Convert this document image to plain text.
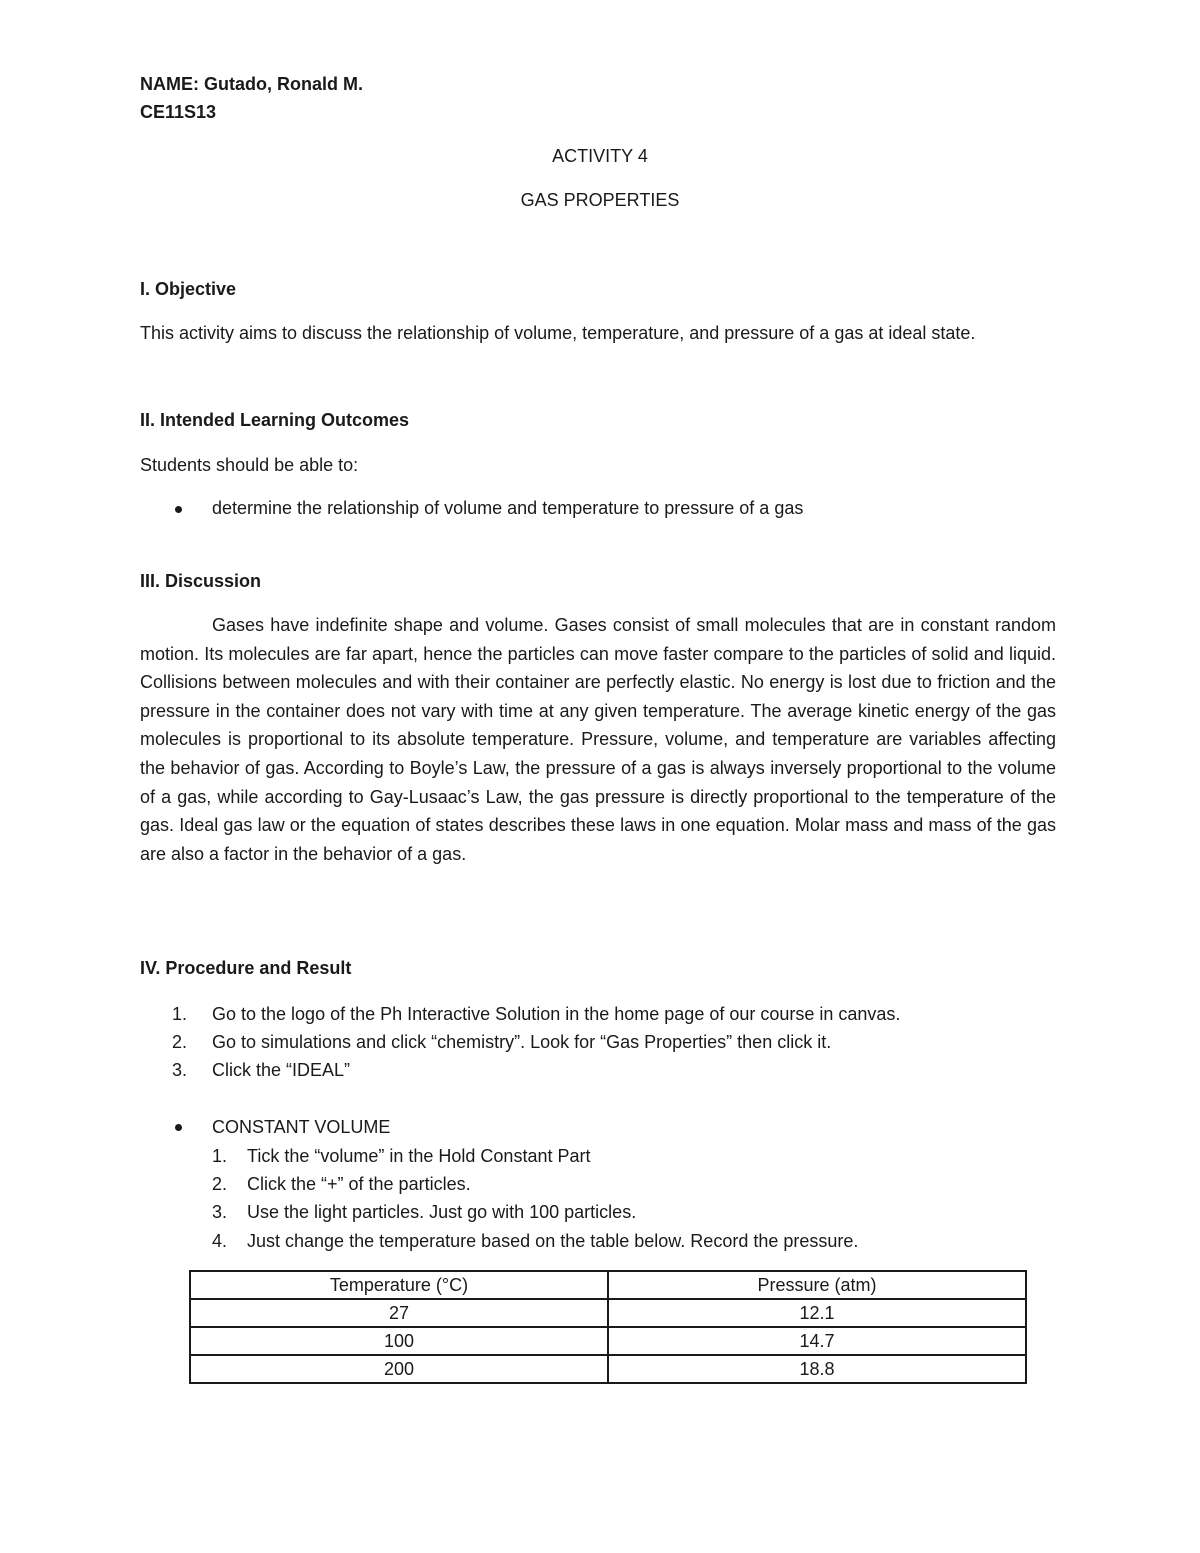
NAME: Gutado, Ronald M.
CE11S13
ACTIVITY 4
GAS PROPERTIES
I. Objective
This activity aims to discuss the relationship of volume, temperature, and pressure of a gas at ideal state.
II. Intended Learning Outcomes
Students should be able to:
determine the relationship of volume and temperature to pressure of a gas
III. Discussion
Gases have indefinite shape and volume. Gases consist of small molecules that are in constant random motion. Its molecules are far apart, hence the particles can move faster compare to the particles of solid and liquid. Collisions between molecules and with their container are perfectly elastic. No energy is lost due to friction and the pressure in the container does not vary with time at any given temperature. The average kinetic energy of the gas molecules is proportional to its absolute temperature. Pressure, volume, and temperature are variables affecting the behavior of gas. According to Boyle’s Law, the pressure of a gas is always inversely proportional to the volume of a gas, while according to Gay-Lusaac’s Law, the gas pressure is directly proportional to the temperature of the gas. Ideal gas law or the equation of states describes these laws in one equation. Molar mass and mass of the gas are also a factor in the behavior of a gas.
IV. Procedure and Result
1.	Go to the logo of the Ph Interactive Solution in the home page of our course in canvas.
2.	Go to simulations and click “chemistry”. Look for “Gas Properties” then click it.
3.	Click the “IDEAL”
CONSTANT VOLUME
1.	Tick the “volume” in the Hold Constant Part
2.	Click the “+” of the particles.
3.	Use the light particles. Just go with 100 particles.
4.	Just change the temperature based on the table below. Record the pressure.
Temperature (°C)	Pressure (atm)
27	12.1
100	14.7
200	18.8
